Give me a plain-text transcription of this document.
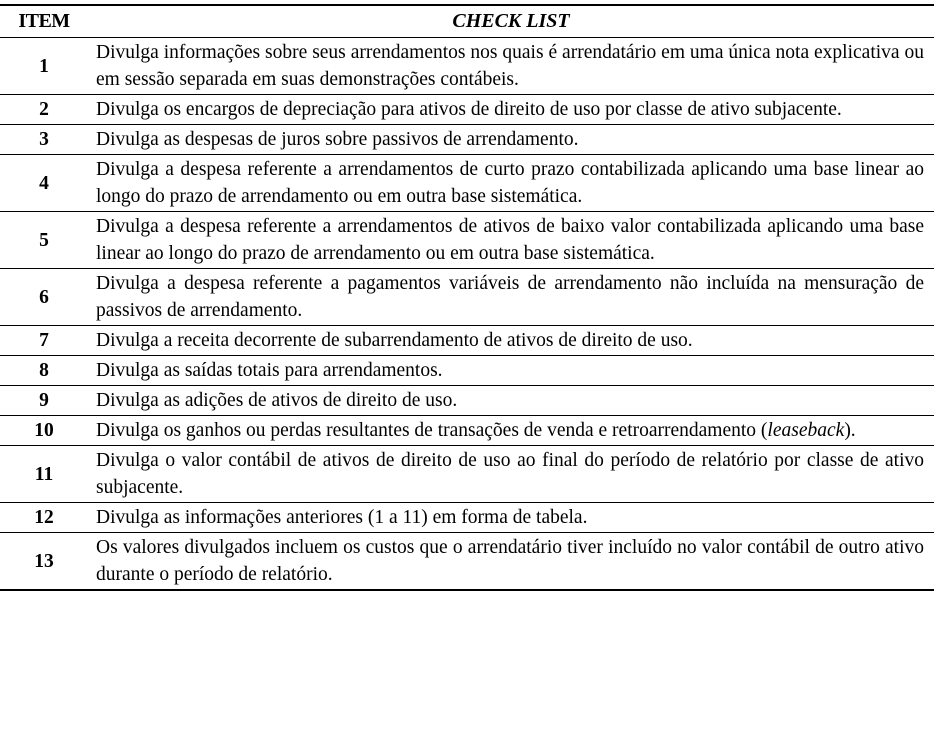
ITEM	CHECK LIST
1	Divulga informações sobre seus arrendamentos nos quais é arrendatário em uma única nota explicativa ou em sessão separada em suas demonstrações contábeis.
2	Divulga os encargos de depreciação para ativos de direito de uso por classe de ativo subjacente.
3	Divulga as despesas de juros sobre passivos de arrendamento.
4	Divulga a despesa referente a arrendamentos de curto prazo contabilizada aplicando uma base linear ao longo do prazo de arrendamento ou em outra base sistemática.
5	Divulga a despesa referente a arrendamentos de ativos de baixo valor contabilizada aplicando uma base linear ao longo do prazo de arrendamento ou em outra base sistemática.
6	Divulga a despesa referente a pagamentos variáveis de arrendamento não incluída na mensuração de passivos de arrendamento.
7	Divulga a receita decorrente de subarrendamento de ativos de direito de uso.
8	Divulga as saídas totais para arrendamentos.
9	Divulga as adições de ativos de direito de uso.
10	Divulga os ganhos ou perdas resultantes de transações de venda e retroarrendamento (leaseback).
11	Divulga o valor contábil de ativos de direito de uso ao final do período de relatório por classe de ativo subjacente.
12	Divulga as informações anteriores (1 a 11) em forma de tabela.
13	Os valores divulgados incluem os custos que o arrendatário tiver incluído no valor contábil de outro ativo durante o período de relatório.
